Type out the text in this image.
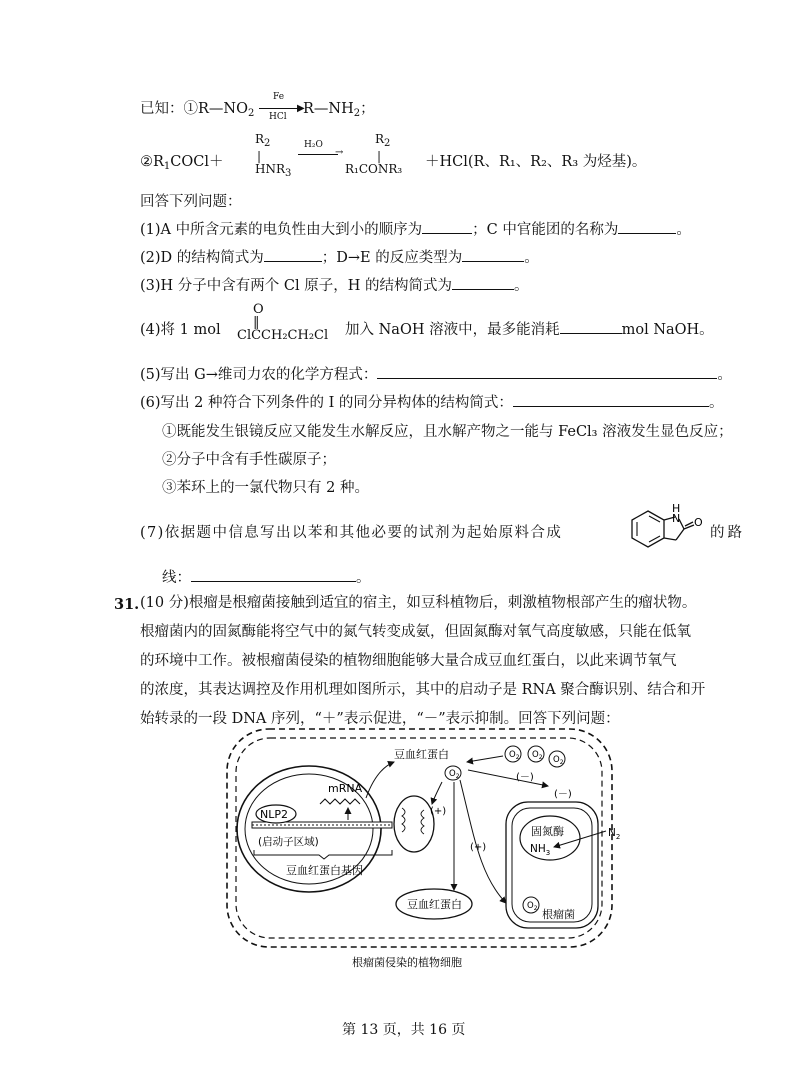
已知：$①R—NO_2$
Fe
▶
HCl $R—NH_2$；
$②R_1COCl+$
$R_2$
|
$HNR_3$
H₂O
→
$R_2$
|
R₁CONR₃ ＋HCl(R、R₁、R₂、R₃ 为烃基)。
回答下列问题：
(1)A 中所含元素的电负性由大到小的顺序为	；C 中官能团的名称为	。
(2)D 的结构简式为	；D→E 的反应类型为	。
(3)H 分子中含有两个 Cl 原子，H 的结构简式为	。
(4)将 1 mol
O
‖
ClCCH₂CH₂Cl 加入 NaOH 溶液中，最多能消耗	mol NaOH。
(5)写出 G→维司力农的化学方程式：	。
(6)写出 2 种符合下列条件的 I 的同分异构体的结构简式：	。
①既能发生银镜反应又能发生水解反应，且水解产物之一能与 FeCl₃ 溶液发生显色反应；
②分子中含有手性碳原子；
③苯环上的一氯代物只有 2 种。
(7)依据题中信息写出以苯和其他必要的试剂为起始原料合成
H
N O
的路
线：	。
31. (10 分)根瘤是根瘤菌接触到适宜的宿主，如豆科植物后，刺激植物根部产生的瘤状物。
根瘤菌内的固氮酶能将空气中的氮气转变成氨，但固氮酶对氧气高度敏感，只能在低氧
的环境中工作。被根瘤菌侵染的植物细胞能够大量合成豆血红蛋白，以此来调节氧气
的浓度，其表达调控及作用机理如图所示，其中的启动子是 RNA 聚合酶识别、结合和开
始转录的一段 DNA 序列，“＋”表示促进，“－”表示抑制。回答下列问题：
NLP2
(启动子区域)
豆血红蛋白基因
mRNA
豆血红蛋白
$O_2$
$O_2$ $O_2$ $O_2$
(－)
(－)
(+)
(+)
豆血红蛋白
固氮酶
$NH_3$
$N_2$
$O_2$ 根瘤菌
根瘤菌侵染的植物细胞
第 13 页，共 16 页
